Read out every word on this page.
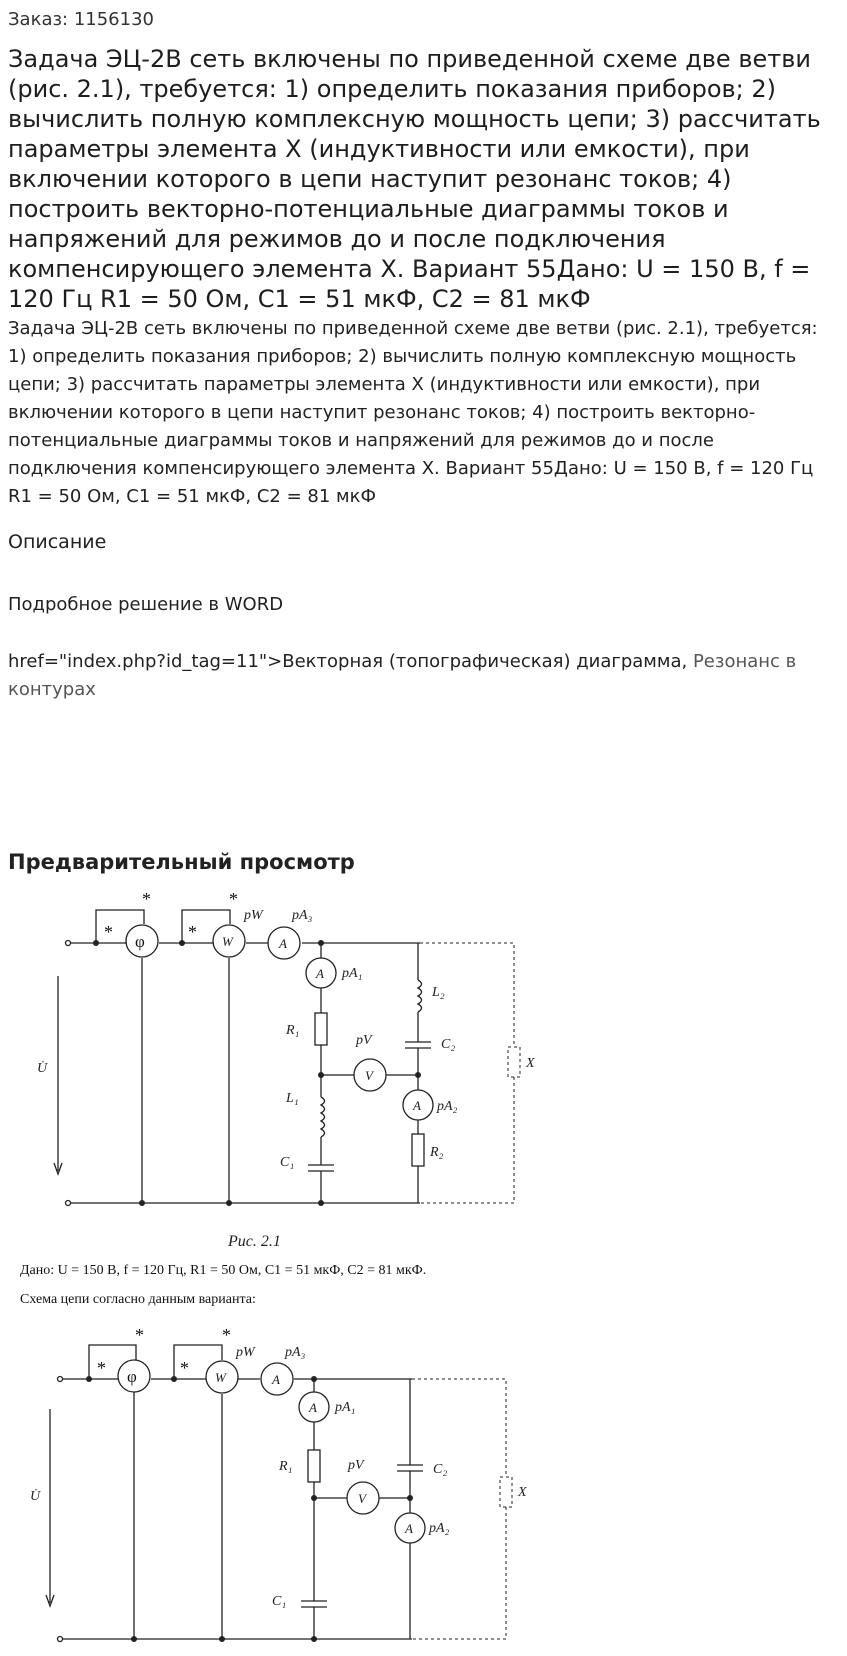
Заказ: 1156130
Задача ЭЦ-2В сеть включены по приведенной схеме две ветви (рис. 2.1), требуется: 1) определить показания приборов; 2) вычислить полную комплексную мощность цепи; 3) рассчитать параметры элемента X (индуктивности или емкости), при включении которого в цепи наступит резонанс токов; 4) построить векторно-потенциальные диаграммы токов и напряжений для режимов до и после подключения компенсирующего элемента X. Вариант 55Дано: U = 150 В, f = 120 Гц R1 = 50 Ом, C1 = 51 мкФ, C2 = 81 мкФ

Задача ЭЦ-2В сеть включены по приведенной схеме две ветви (рис. 2.1), требуется: 1) определить показания приборов; 2) вычислить полную комплексную мощность цепи; 3) рассчитать параметры элемента X (индуктивности или емкости), при включении которого в цепи наступит резонанс токов; 4) построить векторно-потенциальные диаграммы токов и напряжений для режимов до и после подключения компенсирующего элемента X. Вариант 55Дано: U = 150 В, f = 120 Гц R1 = 50 Ом, C1 = 51 мкФ, C2 = 81 мкФ

Описание
Подробное решение в WORD
href="index.php?id_tag=11">Векторная (топографическая) диаграмма, Резонанс в контурах
Предварительный просмотр
φ	W	A
A
V
A
*
*
*
*
pW pA₃
pA₁
R₁
pV
L₁
C₁
L₂
C₂
pA₂
R₂
X
U̇
Рис. 2.1
Дано: U = 150 В, f = 120 Гц, R1 = 50 Ом, C1 = 51 мкФ, C2 = 81 мкФ.
Схема цепи согласно данным варианта:
φ	W	A
A
V
A
*
*
*
*
pW pA₃
pA₁
R₁	pV
C₁
C₂
pA₂
X
U̇
